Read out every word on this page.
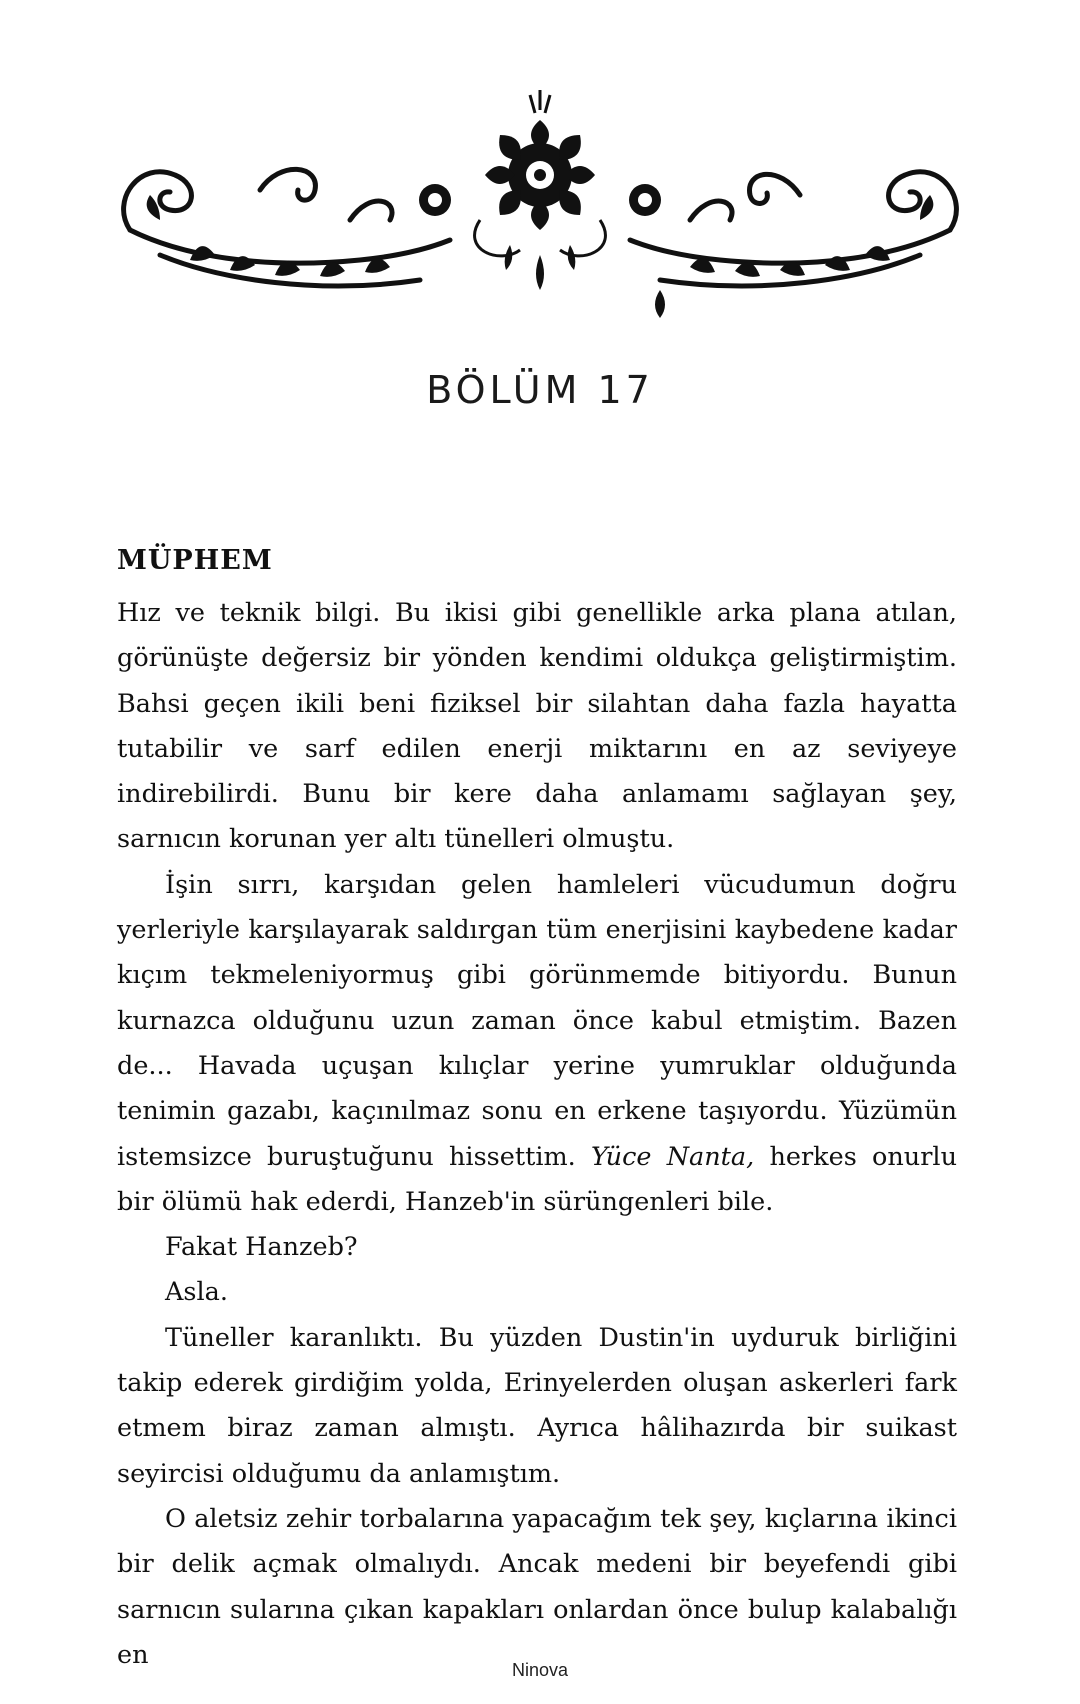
BÖLÜM 17
MÜPHEM

Hız ve teknik bilgi. Bu ikisi gibi genellikle arka plana atılan, görünüşte değersiz bir yönden kendimi oldukça geliştirmiştim. Bahsi geçen ikili beni fiziksel bir silahtan daha fazla hayatta tutabilir ve sarf edilen enerji miktarını en az seviyeye indirebilirdi. Bunu bir kere daha anlamamı sağlayan şey, sarnıcın korunan yer altı tünelleri olmuştu.

İşin sırrı, karşıdan gelen hamleleri vücudumun doğru yerleriyle karşılayarak saldırgan tüm enerjisini kaybedene kadar kıçım tekmeleniyormuş gibi görünmemde bitiyordu. Bunun kurnazca olduğunu uzun zaman önce kabul etmiştim. Bazen de... Havada uçuşan kılıçlar yerine yumruklar olduğunda tenimin gazabı, kaçınılmaz sonu en erkene taşıyordu. Yüzümün istemsizce buruştuğunu hissettim. Yüce Nanta, herkes onurlu bir ölümü hak ederdi, Hanzeb'in sürüngenleri bile.

Fakat Hanzeb?

Asla.

Tüneller karanlıktı. Bu yüzden Dustin'in uyduruk birliğini takip ederek girdiğim yolda, Erinyelerden oluşan askerleri fark etmem biraz zaman almıştı. Ayrıca hâlihazırda bir suikast seyircisi olduğumu da anlamıştım.

O aletsiz zehir torbalarına yapacağım tek şey, kıçlarına ikinci bir delik açmak olmalıydı. Ancak medeni bir beyefendi gibi sarnıcın sularına çıkan kapakları onlardan önce bulup kalabalığı en

Ninova
